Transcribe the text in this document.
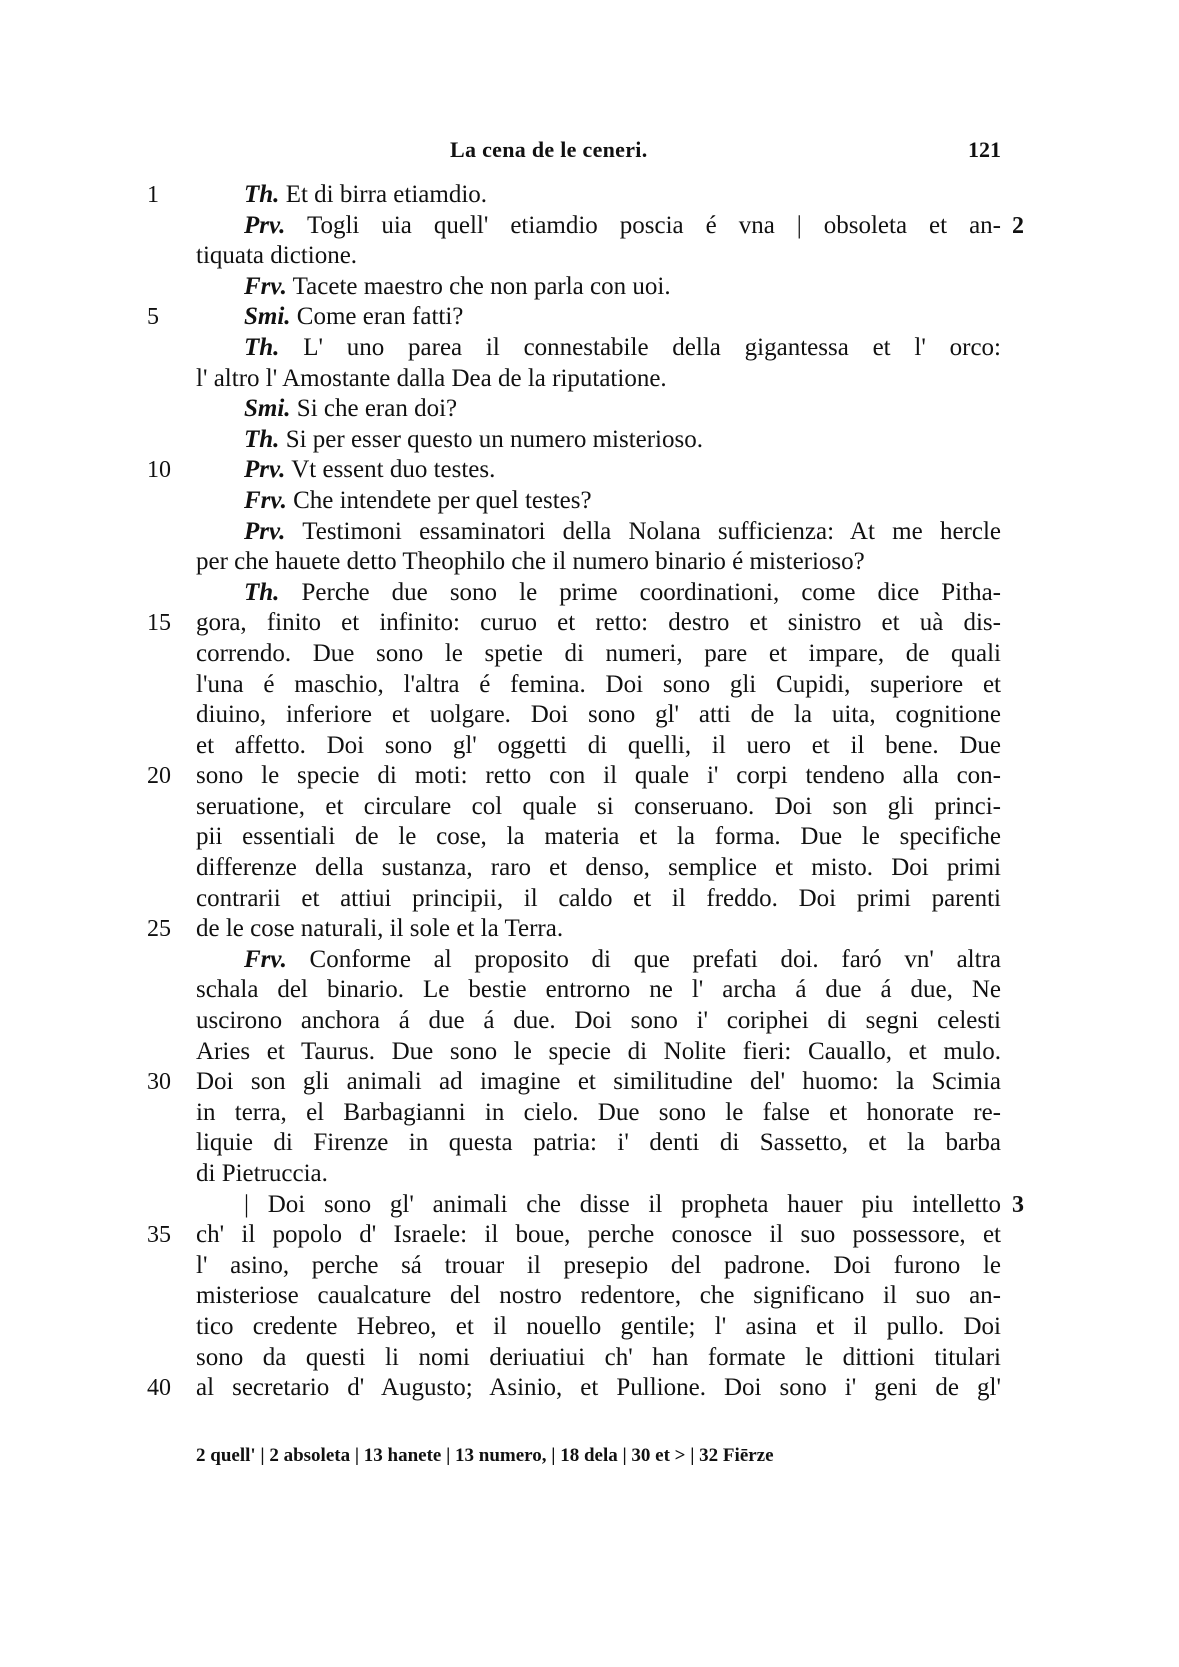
La cena de le ceneri.	121
1	Th. Et di birra etiamdio.
Prv. Togli uia quell' etiamdio poscia é vna | obsoleta et an- 2
tiquata dictione.
Frv. Tacete maestro che non parla con uoi.
5	Smi. Come eran fatti?
Th. L' uno parea il connestabile della gigantessa et l' orco:
l' altro l' Amostante dalla Dea de la riputatione.
Smi. Si che eran doi?
Th. Si per esser questo un numero misterioso.
10	Prv. Vt essent duo testes.
Frv. Che intendete per quel testes?
Prv. Testimoni essaminatori della Nolana sufficienza: At me hercle
per che hauete detto Theophilo che il numero binario é misterioso?
Th. Perche due sono le prime coordinationi, come dice Pitha-
15	gora, finito et infinito: curuo et retto: destro et sinistro et uà dis-
correndo. Due sono le spetie di numeri, pare et impare, de quali
l'una é maschio, l'altra é femina. Doi sono gli Cupidi, superiore et
diuino, inferiore et uolgare. Doi sono gl' atti de la uita, cognitione
et affetto. Doi sono gl' oggetti di quelli, il uero et il bene. Due
20	sono le specie di moti: retto con il quale i' corpi tendeno alla con-
seruatione, et circulare col quale si conseruano. Doi son gli princi-
pii essentiali de le cose, la materia et la forma. Due le specifiche
differenze della sustanza, raro et denso, semplice et misto. Doi primi
contrarii et attiui principii, il caldo et il freddo. Doi primi parenti
25	de le cose naturali, il sole et la Terra.
Frv. Conforme al proposito di que prefati doi. faró vn' altra
schala del binario. Le bestie entrorno ne l' archa á due á due, Ne
uscirono anchora á due á due. Doi sono i' coriphei di segni celesti
Aries et Taurus. Due sono le specie di Nolite fieri: Cauallo, et mulo.
30	Doi son gli animali ad imagine et similitudine del' huomo: la Scimia
in terra, el Barbagianni in cielo. Due sono le false et honorate re-
liquie di Firenze in questa patria: i' denti di Sassetto, et la barba
di Pietruccia.
| Doi sono gl' animali che disse il propheta hauer piu intelletto 3
35	ch' il popolo d' Israele: il boue, perche conosce il suo possessore, et
l' asino, perche sá trouar il presepio del padrone. Doi furono le
misteriose caualcature del nostro redentore, che significano il suo an-
tico credente Hebreo, et il nouello gentile; l' asina et il pullo. Doi
sono da questi li nomi deriuatiui ch' han formate le dittioni titulari
40	al secretario d' Augusto; Asinio, et Pullione. Doi sono i' geni de gl'
2 quell' | 2 absoleta | 13 hanete | 13 numero, | 18 dela | 30 et > | 32 Fiērze
